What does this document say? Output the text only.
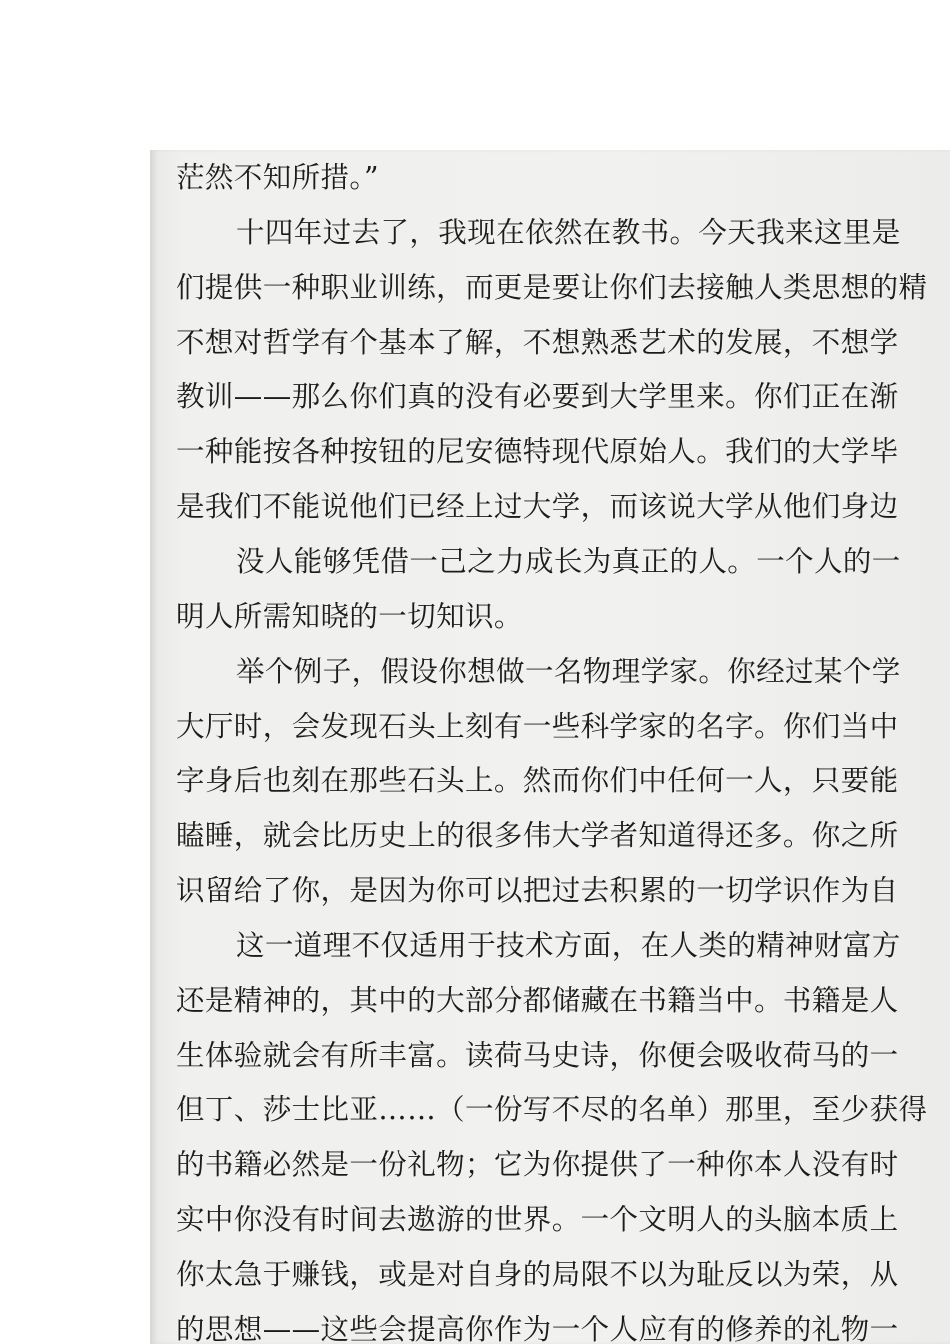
茫然不知所措。”
十四年过去了，我现在依然在教书。今天我来这里是
们提供一种职业训练，而更是要让你们去接触人类思想的精
不想对哲学有个基本了解，不想熟悉艺术的发展，不想学
教训——那么你们真的没有必要到大学里来。你们正在渐
一种能按各种按钮的尼安德特现代原始人。我们的大学毕
是我们不能说他们已经上过大学，而该说大学从他们身边
没人能够凭借一己之力成长为真正的人。一个人的一
明人所需知晓的一切知识。
举个例子，假设你想做一名物理学家。你经过某个学
大厅时，会发现石头上刻有一些科学家的名字。你们当中
字身后也刻在那些石头上。然而你们中任何一人，只要能
瞌睡，就会比历史上的很多伟大学者知道得还多。你之所
识留给了你，是因为你可以把过去积累的一切学识作为自
这一道理不仅适用于技术方面，在人类的精神财富方
还是精神的，其中的大部分都储藏在书籍当中。书籍是人
生体验就会有所丰富。读荷马史诗，你便会吸收荷马的一
但丁、莎士比亚……（一份写不尽的名单）那里，至少获得
的书籍必然是一份礼物；它为你提供了一种你本人没有时
实中你没有时间去遨游的世界。一个文明人的头脑本质上
你太急于赚钱，或是对自身的局限不以为耻反以为荣，从
的思想——这些会提高你作为一个人应有的修养的礼物一
